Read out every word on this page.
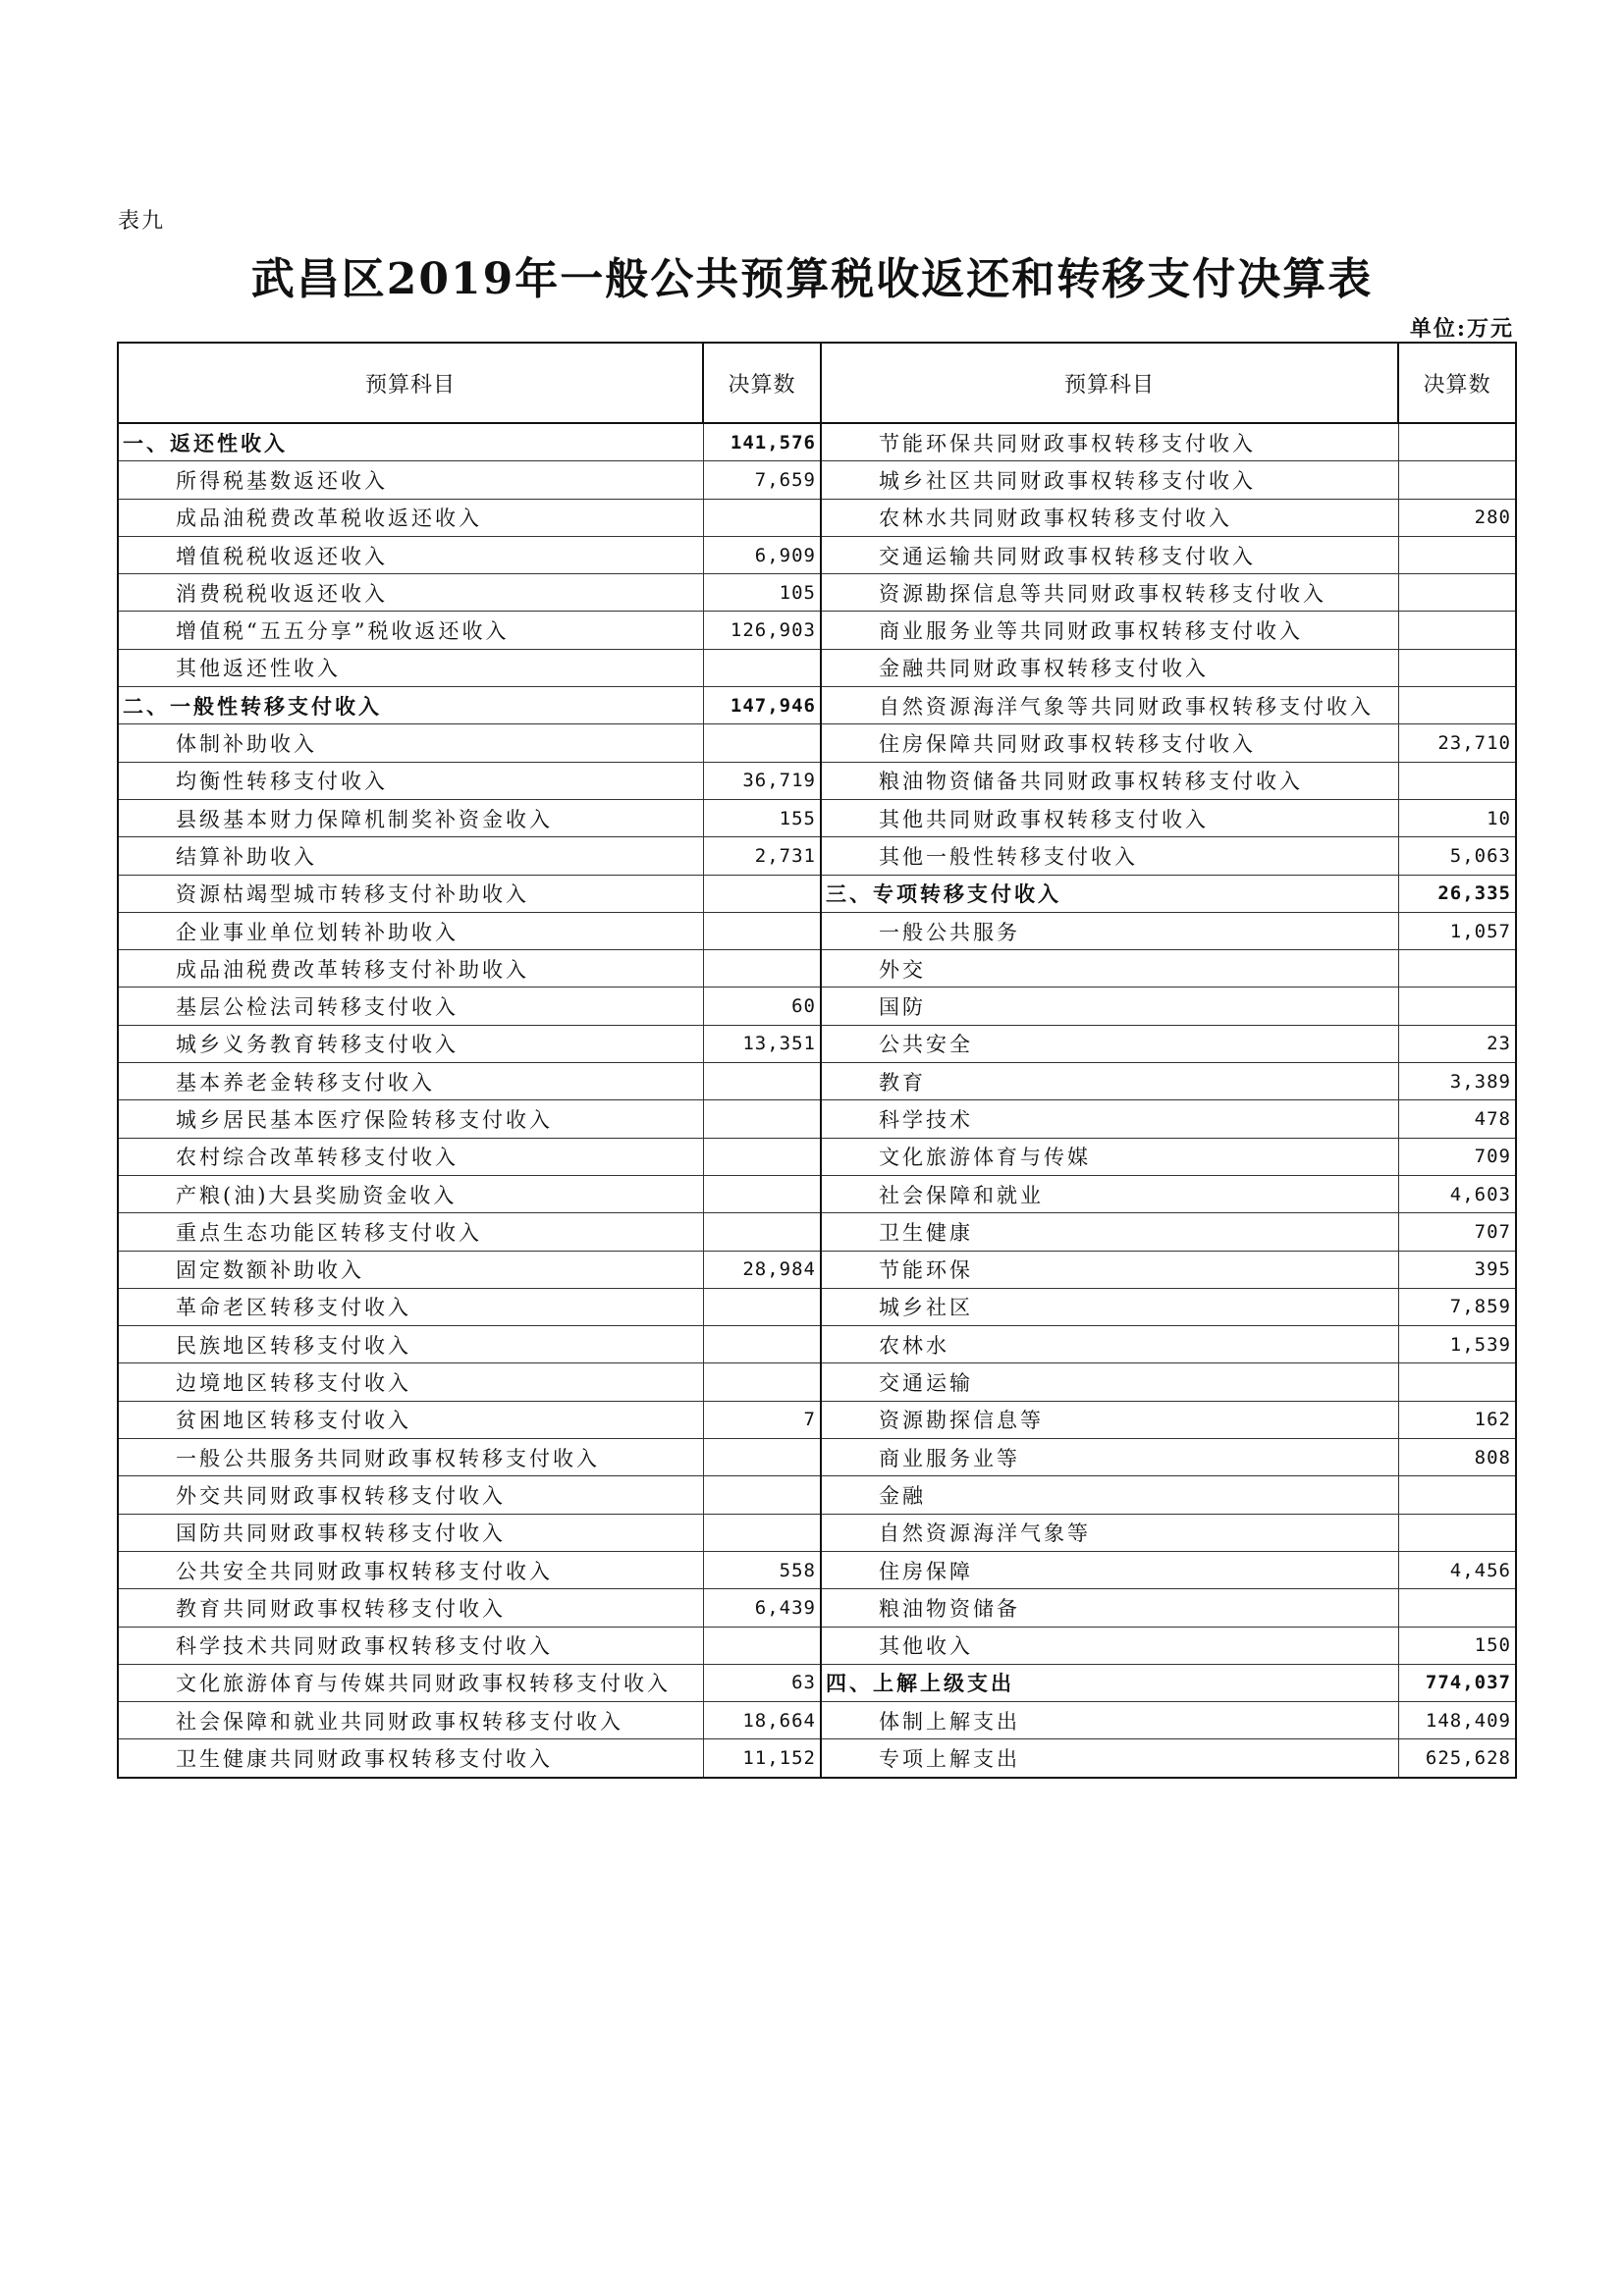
表九
武昌区2019年一般公共预算税收返还和转移支付决算表
单位:万元
预算科目	决算数	预算科目	决算数
一、返还性收入	141,576	节能环保共同财政事权转移支付收入	
所得税基数返还收入	7,659	城乡社区共同财政事权转移支付收入	
成品油税费改革税收返还收入		农林水共同财政事权转移支付收入	280
增值税税收返还收入	6,909	交通运输共同财政事权转移支付收入	
消费税税收返还收入	105	资源勘探信息等共同财政事权转移支付收入	
增值税“五五分享”税收返还收入	126,903	商业服务业等共同财政事权转移支付收入	
其他返还性收入		金融共同财政事权转移支付收入	
二、一般性转移支付收入	147,946	自然资源海洋气象等共同财政事权转移支付收入	
体制补助收入		住房保障共同财政事权转移支付收入	23,710
均衡性转移支付收入	36,719	粮油物资储备共同财政事权转移支付收入	
县级基本财力保障机制奖补资金收入	155	其他共同财政事权转移支付收入	10
结算补助收入	2,731	其他一般性转移支付收入	5,063
资源枯竭型城市转移支付补助收入		三、专项转移支付收入	26,335
企业事业单位划转补助收入		一般公共服务	1,057
成品油税费改革转移支付补助收入		外交	
基层公检法司转移支付收入	60	国防	
城乡义务教育转移支付收入	13,351	公共安全	23
基本养老金转移支付收入		教育	3,389
城乡居民基本医疗保险转移支付收入		科学技术	478
农村综合改革转移支付收入		文化旅游体育与传媒	709
产粮(油)大县奖励资金收入		社会保障和就业	4,603
重点生态功能区转移支付收入		卫生健康	707
固定数额补助收入	28,984	节能环保	395
革命老区转移支付收入		城乡社区	7,859
民族地区转移支付收入		农林水	1,539
边境地区转移支付收入		交通运输	
贫困地区转移支付收入	7	资源勘探信息等	162
一般公共服务共同财政事权转移支付收入		商业服务业等	808
外交共同财政事权转移支付收入		金融	
国防共同财政事权转移支付收入		自然资源海洋气象等	
公共安全共同财政事权转移支付收入	558	住房保障	4,456
教育共同财政事权转移支付收入	6,439	粮油物资储备	
科学技术共同财政事权转移支付收入		其他收入	150
文化旅游体育与传媒共同财政事权转移支付收入	63	四、上解上级支出	774,037
社会保障和就业共同财政事权转移支付收入	18,664	体制上解支出	148,409
卫生健康共同财政事权转移支付收入	11,152	专项上解支出	625,628
